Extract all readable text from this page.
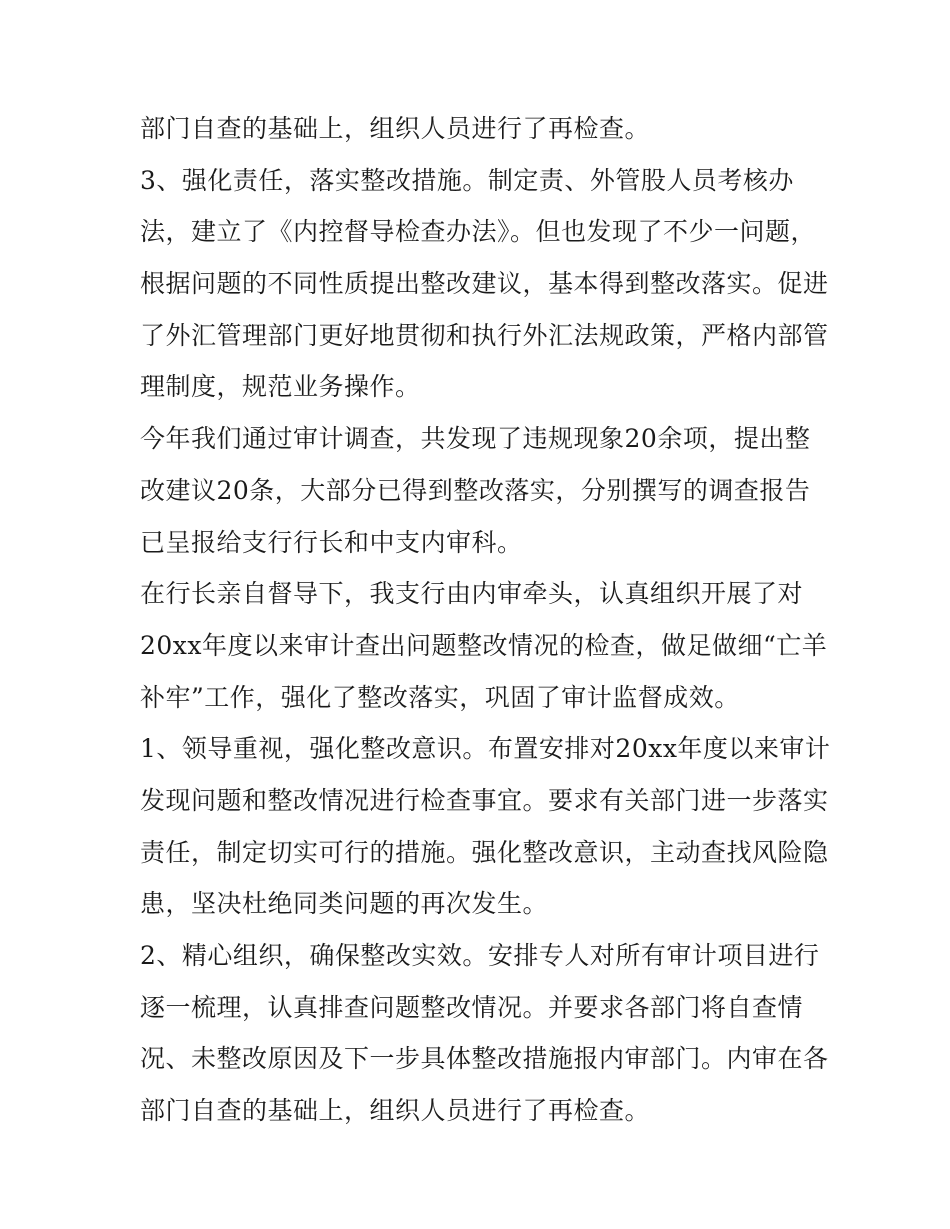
部门自查的基础上，组织人员进行了再检查。
3、强化责任，落实整改措施。制定责、外管股人员考核办
法，建立了《内控督导检查办法》。但也发现了不少一问题，
根据问题的不同性质提出整改建议，基本得到整改落实。促进
了外汇管理部门更好地贯彻和执行外汇法规政策，严格内部管
理制度，规范业务操作。
今年我们通过审计调查，共发现了违规现象20余项，提出整
改建议20条，大部分已得到整改落实，分别撰写的调查报告
已呈报给支行行长和中支内审科。
在行长亲自督导下，我支行由内审牵头，认真组织开展了对
20xx年度以来审计查出问题整改情况的检查，做足做细“亡羊
补牢”工作，强化了整改落实，巩固了审计监督成效。
1、领导重视，强化整改意识。布置安排对20xx年度以来审计
发现问题和整改情况进行检查事宜。要求有关部门进一步落实
责任，制定切实可行的措施。强化整改意识，主动查找风险隐
患，坚决杜绝同类问题的再次发生。
2、精心组织，确保整改实效。安排专人对所有审计项目进行
逐一梳理，认真排查问题整改情况。并要求各部门将自查情
况、未整改原因及下一步具体整改措施报内审部门。内审在各
部门自查的基础上，组织人员进行了再检查。
